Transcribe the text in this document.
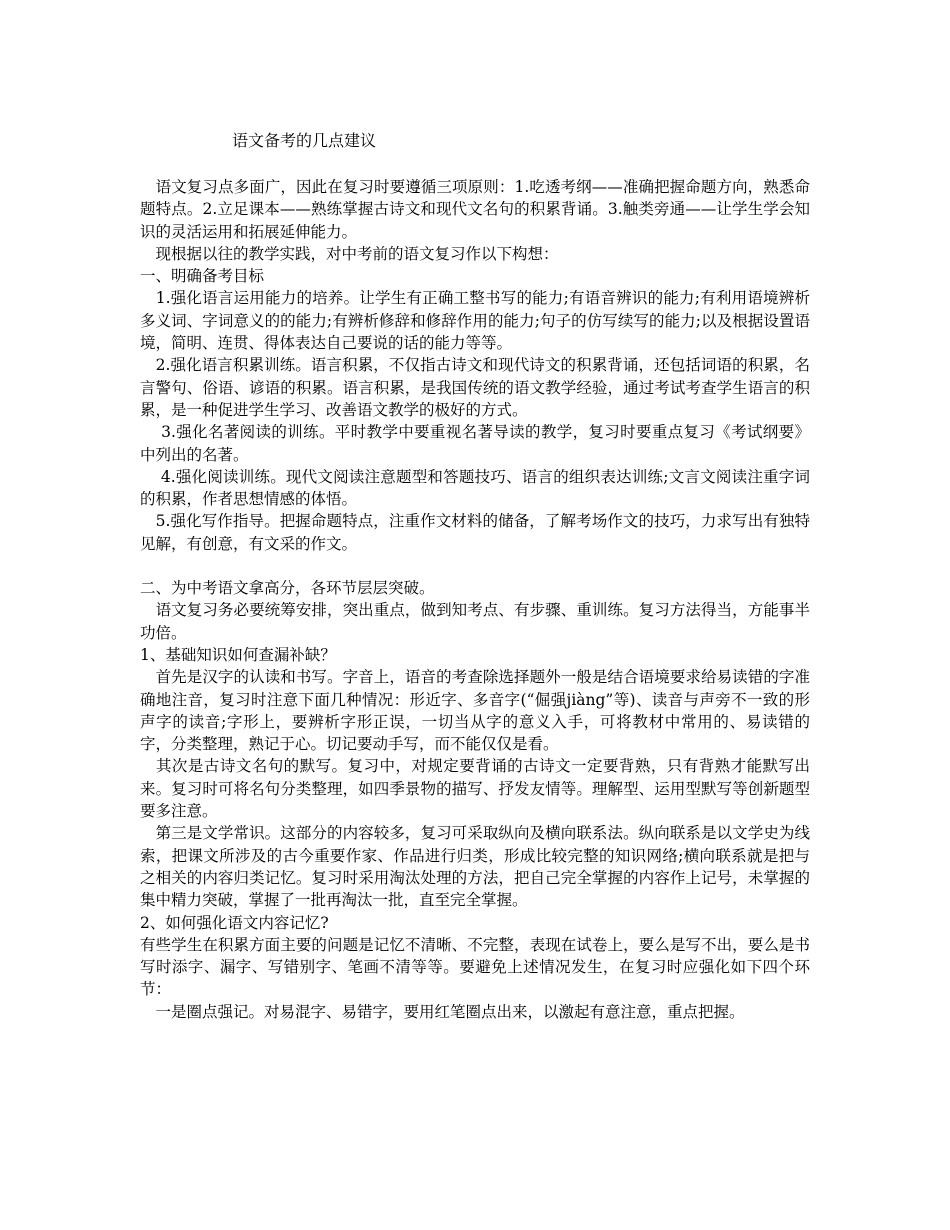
语文备考的几点建议

　语文复习点多面广，因此在复习时要遵循三项原则：1.吃透考纲——准确把握命题方向，熟悉命题特点。2.立足课本——熟练掌握古诗文和现代文名句的积累背诵。3.触类旁通——让学生学会知识的灵活运用和拓展延伸能力。

　现根据以往的教学实践，对中考前的语文复习作以下构想：

一、明确备考目标

　1.强化语言运用能力的培养。让学生有正确工整书写的能力;有语音辨识的能力;有利用语境辨析多义词、字词意义的的能力;有辨析修辞和修辞作用的能力;句子的仿写续写的能力;以及根据设置语境，简明、连贯、得体表达自己要说的话的能力等等。

　2.强化语言积累训练。语言积累，不仅指古诗文和现代诗文的积累背诵，还包括词语的积累，名言警句、俗语、谚语的积累。语言积累，是我国传统的语文教学经验，通过考试考查学生语言的积累，是一种促进学生学习、改善语文教学的极好的方式。

　 3.强化名著阅读的训练。平时教学中要重视名著导读的教学，复习时要重点复习《考试纲要》中列出的名著。

　 4.强化阅读训练。现代文阅读注意题型和答题技巧、语言的组织表达训练;文言文阅读注重字词的积累，作者思想情感的体悟。

　5.强化写作指导。把握命题特点，注重作文材料的储备，了解考场作文的技巧，力求写出有独特见解，有创意，有文采的作文。

二、为中考语文拿高分，各环节层层突破。

　语文复习务必要统筹安排，突出重点，做到知考点、有步骤、重训练。复习方法得当，方能事半功倍。

1、基础知识如何查漏补缺？

　首先是汉字的认读和书写。字音上，语音的考查除选择题外一般是结合语境要求给易读错的字准确地注音，复习时注意下面几种情况：形近字、多音字(“倔强jiàng”等)、读音与声旁不一致的形声字的读音;字形上，要辨析字形正误，一切当从字的意义入手，可将教材中常用的、易读错的字，分类整理，熟记于心。切记要动手写，而不能仅仅是看。

　其次是古诗文名句的默写。复习中，对规定要背诵的古诗文一定要背熟，只有背熟才能默写出来。复习时可将名句分类整理，如四季景物的描写、抒发友情等。理解型、运用型默写等创新题型要多注意。

　第三是文学常识。这部分的内容较多，复习可采取纵向及横向联系法。纵向联系是以文学史为线索，把课文所涉及的古今重要作家、作品进行归类，形成比较完整的知识网络;横向联系就是把与之相关的内容归类记忆。复习时采用淘汰处理的方法，把自己完全掌握的内容作上记号，未掌握的集中精力突破，掌握了一批再淘汰一批，直至完全掌握。

2、如何强化语文内容记忆?

有些学生在积累方面主要的问题是记忆不清晰、不完整，表现在试卷上，要么是写不出，要么是书写时添字、漏字、写错别字、笔画不清等等。要避免上述情况发生，在复习时应强化如下四个环节：

　一是圈点强记。对易混字、易错字，要用红笔圈点出来，以激起有意注意，重点把握。
